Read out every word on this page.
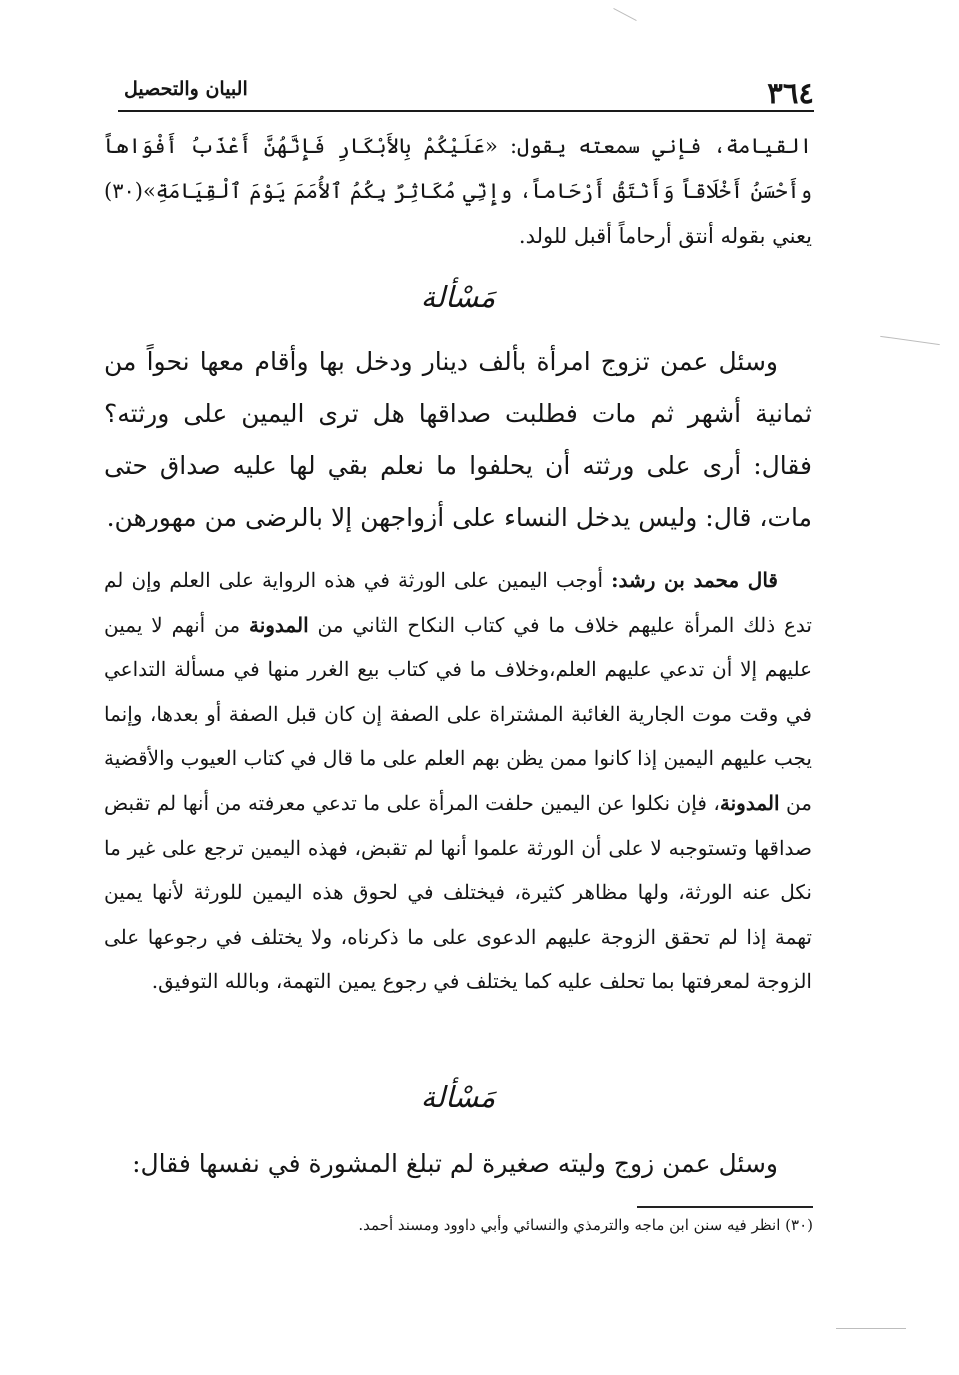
٣٦٤
البيان والتحصيل

القيامة، فإني سمعته يقول: «عَلَيْكُمْ بِالأَبْكَارِ فَإِنَّهُنَّ أَعْذَبُ أَفْوَاهاً وأَحْسَنُ أَخْلَاقاً وَأَنْتَقُ أَرْحَاماً، وإِنِّي مُكَاثِرٌ بِكُمُ ٱلأُمَمَ يَوْمَ ٱلْقِيَامَةِ»(٣٠) يعني بقوله أنتق أرحاماً أقبل للولد.

مَسْألة

وسئل عمن تزوج امرأة بألف دينار ودخل بها وأقام معها نحواً من ثمانية أشهر ثم مات فطلبت صداقها هل ترى اليمين على ورثته؟ فقال: أرى على ورثته أن يحلفوا ما نعلم بقي لها عليه صداق حتى مات، قال: وليس يدخل النساء على أزواجهن إلا بالرضى من مهورهن.

قال محمد بن رشد: أوجب اليمين على الورثة في هذه الرواية على العلم وإن لم تدع ذلك المرأة عليهم خلاف ما في كتاب النكاح الثاني من المدونة من أنهم لا يمين عليهم إلا أن تدعي عليهم العلم،وخلاف ما في كتاب بيع الغرر منها في مسألة التداعي في وقت موت الجارية الغائبة المشتراة على الصفة إن كان قبل الصفة أو بعدها، وإنما يجب عليهم اليمين إذا كانوا ممن يظن بهم العلم على ما قال في كتاب العيوب والأقضية من المدونة، فإن نكلوا عن اليمين حلفت المرأة على ما تدعي معرفته من أنها لم تقبض صداقها وتستوجبه لا على أن الورثة علموا أنها لم تقبض، فهذه اليمين ترجع على غير ما نكل عنه الورثة، ولها مظاهر كثيرة، فيختلف في لحوق هذه اليمين للورثة لأنها يمين تهمة إذا لم تحقق الزوجة عليهم الدعوى على ما ذكرناه، ولا يختلف في رجوعها على الزوجة لمعرفتها بما تحلف عليه كما يختلف في رجوع يمين التهمة، وبالله التوفيق.

مَسْألة

وسئل عمن زوج وليته صغيرة لم تبلغ المشورة في نفسها فقال:

(٣٠) انظر فيه سنن ابن ماجه والترمذي والنسائي وأبي داوود ومسند أحمد.
